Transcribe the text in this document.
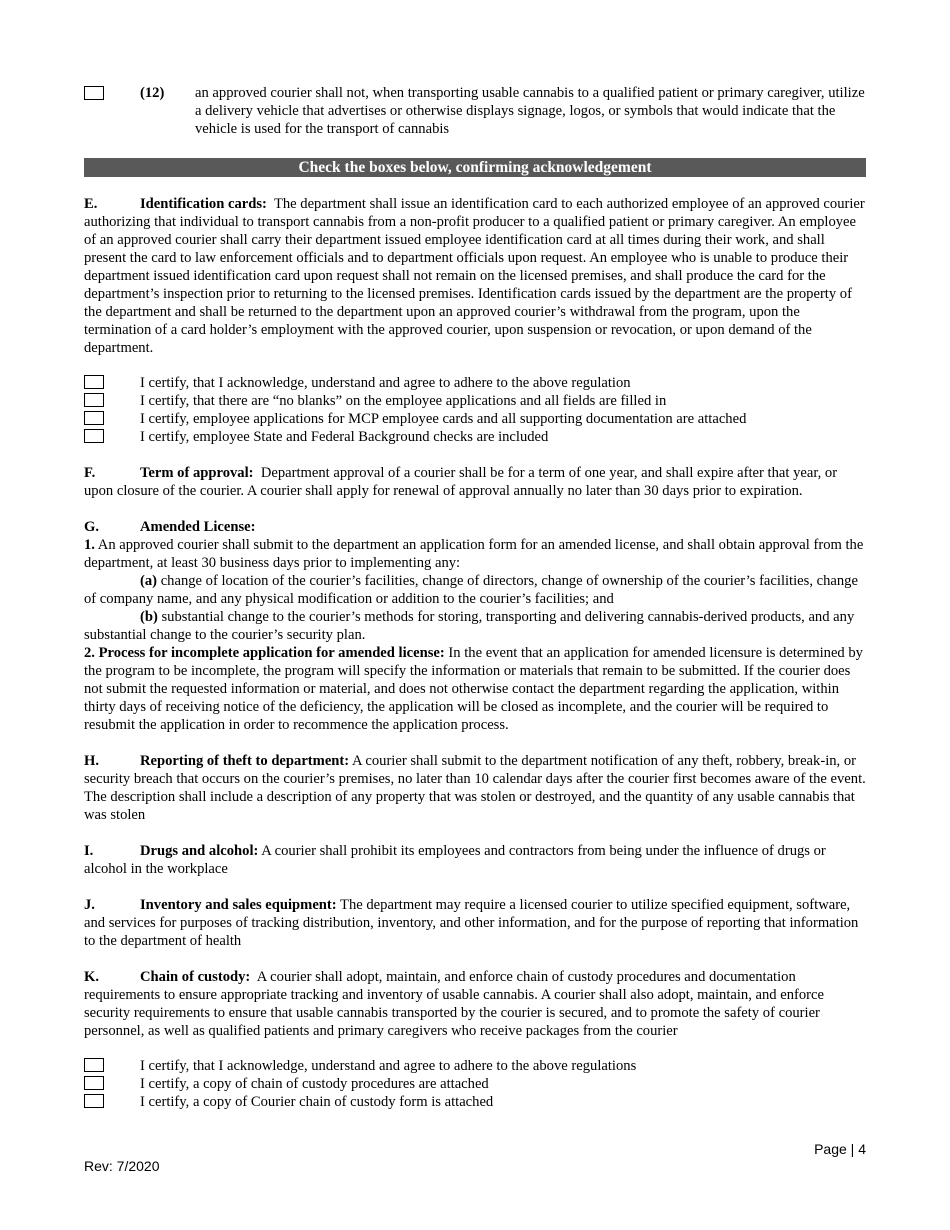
(12) an approved courier shall not, when transporting usable cannabis to a qualified patient or primary caregiver, utilize a delivery vehicle that advertises or otherwise displays signage, logos, or symbols that would indicate that the vehicle is used for the transport of cannabis
Check the boxes below, confirming acknowledgement

E.	Identification cards: The department shall issue an identification card to each authorized employee of an approved courier authorizing that individual to transport cannabis from a non-profit producer to a qualified patient or primary caregiver. An employee of an approved courier shall carry their department issued employee identification card at all times during their work, and shall present the card to law enforcement officials and to department officials upon request. An employee who is unable to produce their department issued identification card upon request shall not remain on the licensed premises, and shall produce the card for the department’s inspection prior to returning to the licensed premises. Identification cards issued by the department are the property of the department and shall be returned to the department upon an approved courier’s withdrawal from the program, upon the termination of a card holder’s employment with the approved courier, upon suspension or revocation, or upon demand of the department.

I certify, that I acknowledge, understand and agree to adhere to the above regulation
I certify, that there are “no blanks” on the employee applications and all fields are filled in
I certify, employee applications for MCP employee cards and all supporting documentation are attached
I certify, employee State and Federal Background checks are included

F.	Term of approval: Department approval of a courier shall be for a term of one year, and shall expire after that year, or upon closure of the courier. A courier shall apply for renewal of approval annually no later than 30 days prior to expiration.

G.	Amended License:

1. An approved courier shall submit to the department an application form for an amended license, and shall obtain approval from the department, at least 30 business days prior to implementing any:

(a) change of location of the courier’s facilities, change of directors, change of ownership of the courier’s facilities, change of company name, and any physical modification or addition to the courier’s facilities; and

(b) substantial change to the courier’s methods for storing, transporting and delivering cannabis-derived products, and any substantial change to the courier’s security plan.

2. Process for incomplete application for amended license: In the event that an application for amended licensure is determined by the program to be incomplete, the program will specify the information or materials that remain to be submitted. If the courier does not submit the requested information or material, and does not otherwise contact the department regarding the application, within thirty days of receiving notice of the deficiency, the application will be closed as incomplete, and the courier will be required to resubmit the application in order to recommence the application process.

H.	Reporting of theft to department: A courier shall submit to the department notification of any theft, robbery, break-in, or security breach that occurs on the courier’s premises, no later than 10 calendar days after the courier first becomes aware of the event. The description shall include a description of any property that was stolen or destroyed, and the quantity of any usable cannabis that was stolen

I.	Drugs and alcohol: A courier shall prohibit its employees and contractors from being under the influence of drugs or alcohol in the workplace

J.	Inventory and sales equipment: The department may require a licensed courier to utilize specified equipment, software, and services for purposes of tracking distribution, inventory, and other information, and for the purpose of reporting that information to the department of health

K.	Chain of custody: A courier shall adopt, maintain, and enforce chain of custody procedures and documentation requirements to ensure appropriate tracking and inventory of usable cannabis. A courier shall also adopt, maintain, and enforce security requirements to ensure that usable cannabis transported by the courier is secured, and to promote the safety of courier personnel, as well as qualified patients and primary caregivers who receive packages from the courier

I certify, that I acknowledge, understand and agree to adhere to the above regulations
I certify, a copy of chain of custody procedures are attached
I certify, a copy of Courier chain of custody form is attached
Page | 4
Rev: 7/2020
